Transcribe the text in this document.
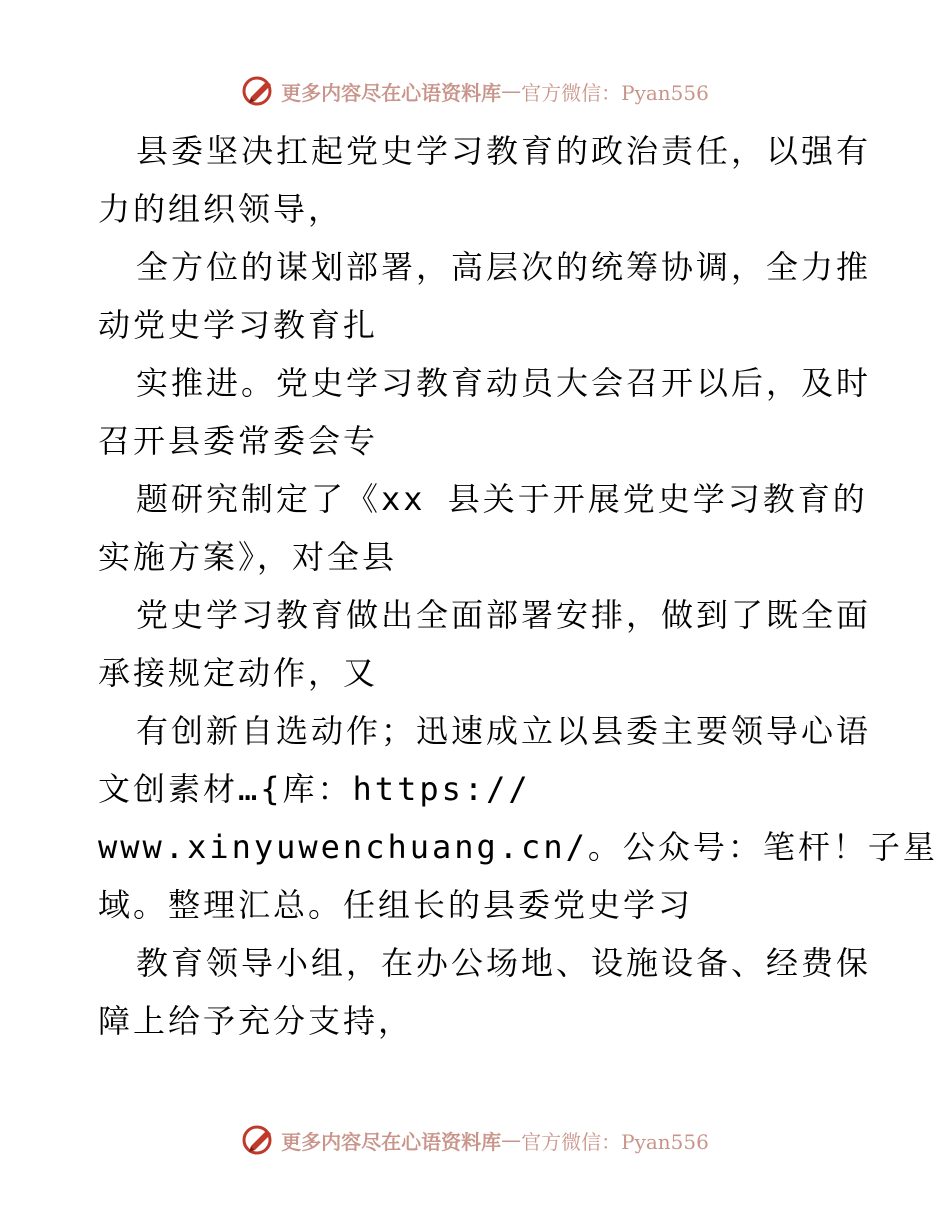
更多内容尽在心语资料库 — 官方微信：Pyan556

县委坚决扛起党史学习教育的政治责任，以强有
力的组织领导，
全方位的谋划部署，高层次的统筹协调，全力推
动党史学习教育扎
实推进。党史学习教育动员大会召开以后，及时
召开县委常委会专
题研究制定了《xx 县关于开展党史学习教育的
实施方案》，对全县
党史学习教育做出全面部署安排，做到了既全面
承接规定动作，又
有创新自选动作；迅速成立以县委主要领导心语
文创素材…{库：https://
www.xinyuwenchuang.cn/。公众号：笔杆！子星
域。整理汇总。任组长的县委党史学习
教育领导小组，在办公场地、设施设备、经费保
障上给予充分支持，

更多内容尽在心语资料库 — 官方微信：Pyan556
